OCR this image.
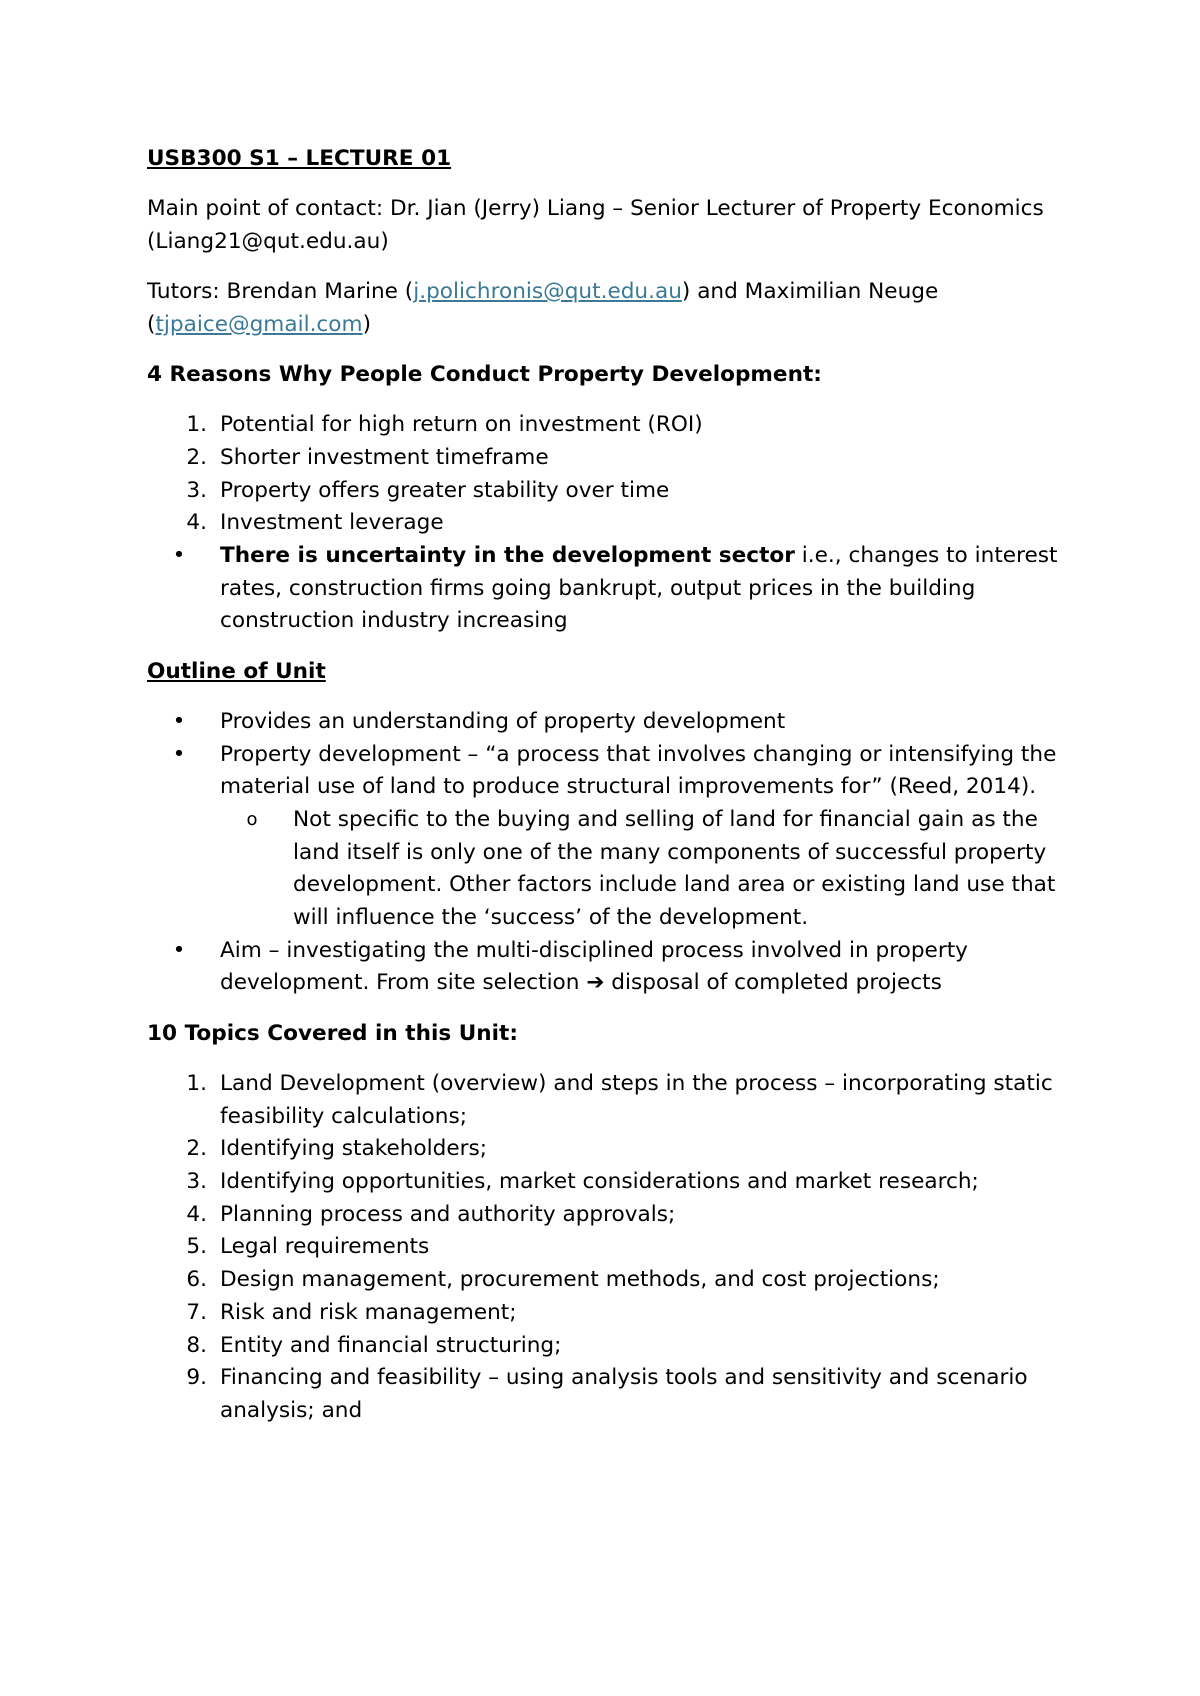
USB300 S1 – LECTURE 01

Main point of contact: Dr. Jian (Jerry) Liang – Senior Lecturer of Property Economics (Liang21@qut.edu.au)

Tutors: Brendan Marine (j.polichronis@qut.edu.au) and Maximilian Neuge (tjpaice@gmail.com)

4 Reasons Why People Conduct Property Development:

1. Potential for high return on investment (ROI)
2. Shorter investment timeframe
3. Property offers greater stability over time
4. Investment leverage
• There is uncertainty in the development sector i.e., changes to interest rates, construction firms going bankrupt, output prices in the building construction industry increasing

Outline of Unit

• Provides an understanding of property development
• Property development – “a process that involves changing or intensifying the material use of land to produce structural improvements for” (Reed, 2014).
o Not specific to the buying and selling of land for financial gain as the land itself is only one of the many components of successful property development. Other factors include land area or existing land use that will influence the ‘success’ of the development.
• Aim – investigating the multi-disciplined process involved in property development. From site selection ➔ disposal of completed projects

10 Topics Covered in this Unit:

1. Land Development (overview) and steps in the process – incorporating static feasibility calculations;
2. Identifying stakeholders;
3. Identifying opportunities, market considerations and market research;
4. Planning process and authority approvals;
5. Legal requirements
6. Design management, procurement methods, and cost projections;
7. Risk and risk management;
8. Entity and financial structuring;
9. Financing and feasibility – using analysis tools and sensitivity and scenario analysis; and
